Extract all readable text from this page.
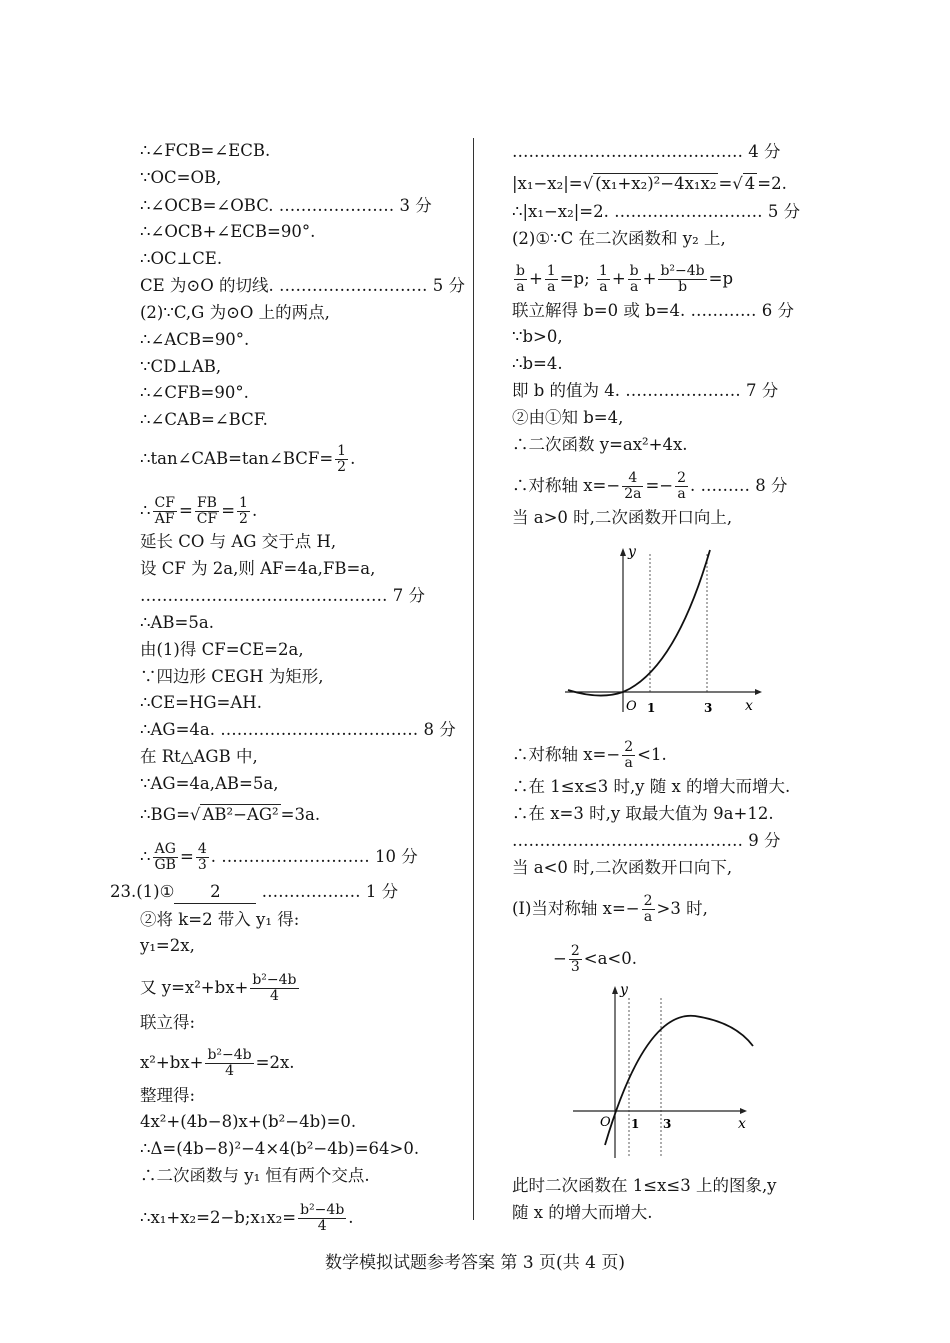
∴∠FCB=∠ECB.
∵OC=OB,
∴∠OCB=∠OBC. ………………… 3 分
∴∠OCB+∠ECB=90°.
∴OC⊥CE.
CE 为⊙O 的切线. ……………………… 5 分
(2)∵C,G 为⊙O 上的两点,
∴∠ACB=90°.
∵CD⊥AB,
∴∠CFB=90°.
∴∠CAB=∠BCF.
∴tan∠CAB=tan∠BCF= $\frac{1}{2}$ .
∴ $\frac{CF}{AF} = \frac{FB}{CF} = \frac{1}{2}$ .
延长 CO 与 AG 交于点 H,
设 CF 为 2a,则 AF=4a,FB=a,
……………………………………… 7 分
∴AB=5a.
由(1)得 CF=CE=2a,
∵四边形 CEGH 为矩形,
∴CE=HG=AH.
∴AG=4a. ……………………………… 8 分
在 Rt△AGB 中,
∵AG=4a,AB=5a,
∴BG=√ AB²−AG² =3a.
∴ $\frac{AG}{GB} = \frac{4}{3}$ . ……………………… 10 分
23.(1)① 2 ……………… 1 分
②将 k=2 带入 y₁ 得:
y₁=2x,
又 $y=x^2+bx+ \frac{\text{b²−4b}}{4}$
联立得:
$x^2+bx+ \frac{\text{b²−4b}}{4} =2x$.
整理得:
4x²+(4b−8)x+(b²−4b)=0.
∴Δ=(4b−8)²−4×4(b²−4b)=64>0.
∴二次函数与 y₁ 恒有两个交点.
∴x₁+x₂=2−b;x₁x₂= $\frac{\text{b²−4b}}{4}$ .
…………………………………… 4 分
|x₁−x₂|=√ (x₁+x₂)²−4x₁x₂ =√ 4 =2.
∴|x₁−x₂|=2. ……………………… 5 分
(2)①∵C 在二次函数和 y₂ 上,
$\frac{b}{a} + \frac{1}{a} =p$; $\frac{1}{a} + \frac{b}{a} + \frac{\text{b²−4b}}{b} =p$
联立解得 b=0 或 b=4. ………… 6 分
∵b>0,
∴b=4.
即 b 的值为 4. ………………… 7 分
②由①知 b=4,
∴二次函数 y=ax²+4x.
∴对称轴 $x=- \frac{4}{2a} =- \frac{2}{a}$ . ……… 8 分
当 a>0 时,二次函数开口向上,
y
x
O 1	3
∴对称轴 $x=- \frac{2}{a} <1$.
∴在 1≤x≤3 时,y 随 x 的增大而增大.
∴在 x=3 时,y 取最大值为 9a+12.
…………………………………… 9 分
当 a<0 时,二次函数开口向下,
(Ⅰ)当对称轴 $x=- \frac{2}{a} >3$ 时,
− $\frac{2}{3} <a<0$.
y
x
O 1 3
此时二次函数在 1≤x≤3 上的图象,y
随 x 的增大而增大.
数学模拟试题参考答案 第 3 页(共 4 页)
